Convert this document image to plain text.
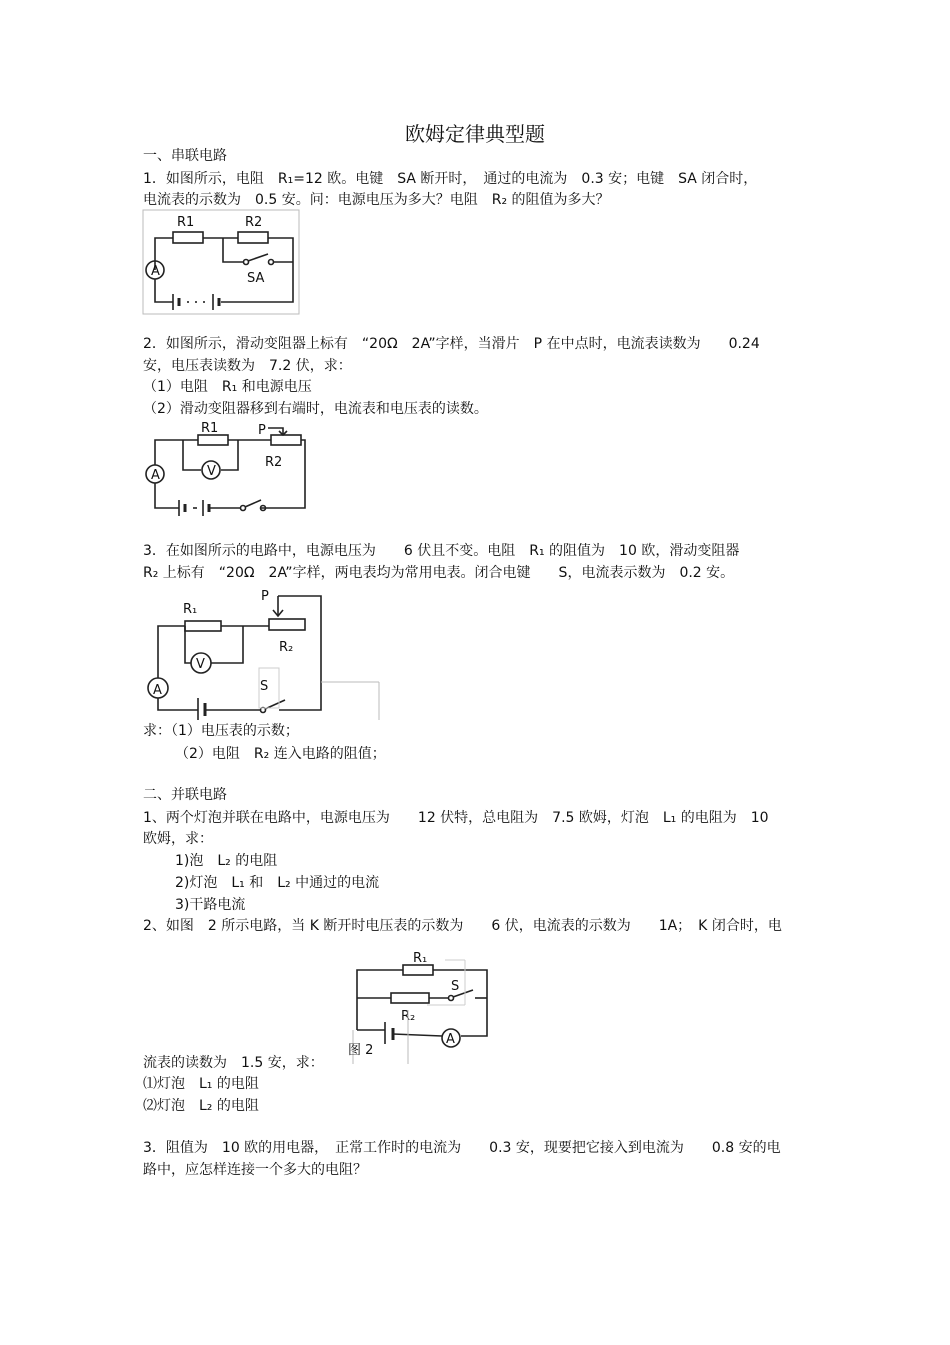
欧姆定律典型题
一、串联电路
1．如图所示，电阻　R₁=12 欧。电键　SA 断开时，　通过的电流为　0.3 安；电键　SA 闭合时，
电流表的示数为　0.5 安。问：电源电压为多大？电阻　R₂ 的阻值为多大？
R1	R2
SA
A
2．如图所示，滑动变阻器上标有　“20Ω　2A”字样，当滑片　P 在中点时，电流表读数为　　0.24
安，电压表读数为　7.2 伏，求：
（1）电阻　R₁ 和电源电压
（2）滑动变阻器移到右端时，电流表和电压表的读数。
R1
R2
P
V
A
3．在如图所示的电路中，电源电压为　　6 伏且不变。电阻　R₁ 的阻值为　10 欧，滑动变阻器
R₂ 上标有　“20Ω　2A”字样，两电表均为常用电表。闭合电键　　S，电流表示数为　0.2 安。
R₁
R₂
P
V
A	S
求：（1）电压表的示数；
（2）电阻　R₂ 连入电路的阻值；
二、并联电路
1、两个灯泡并联在电路中，电源电压为　　12 伏特，总电阻为　7.5 欧姆，灯泡　L₁ 的电阻为　10
欧姆，求：
1)泡　L₂ 的电阻
2)灯泡　L₁ 和　L₂ 中通过的电流
3)干路电流
2、如图　2 所示电路，当 K 断开时电压表的示数为　　6 伏，电流表的示数为　　1A；　K 闭合时，电
R₁
R₂
S
A
图 2
流表的读数为　1.5 安，求：
⑴灯泡　L₁ 的电阻
⑵灯泡　L₂ 的电阻
3．阻值为　10 欧的用电器，　正常工作时的电流为　　0.3 安，现要把它接入到电流为　　0.8 安的电
路中，应怎样连接一个多大的电阻？
